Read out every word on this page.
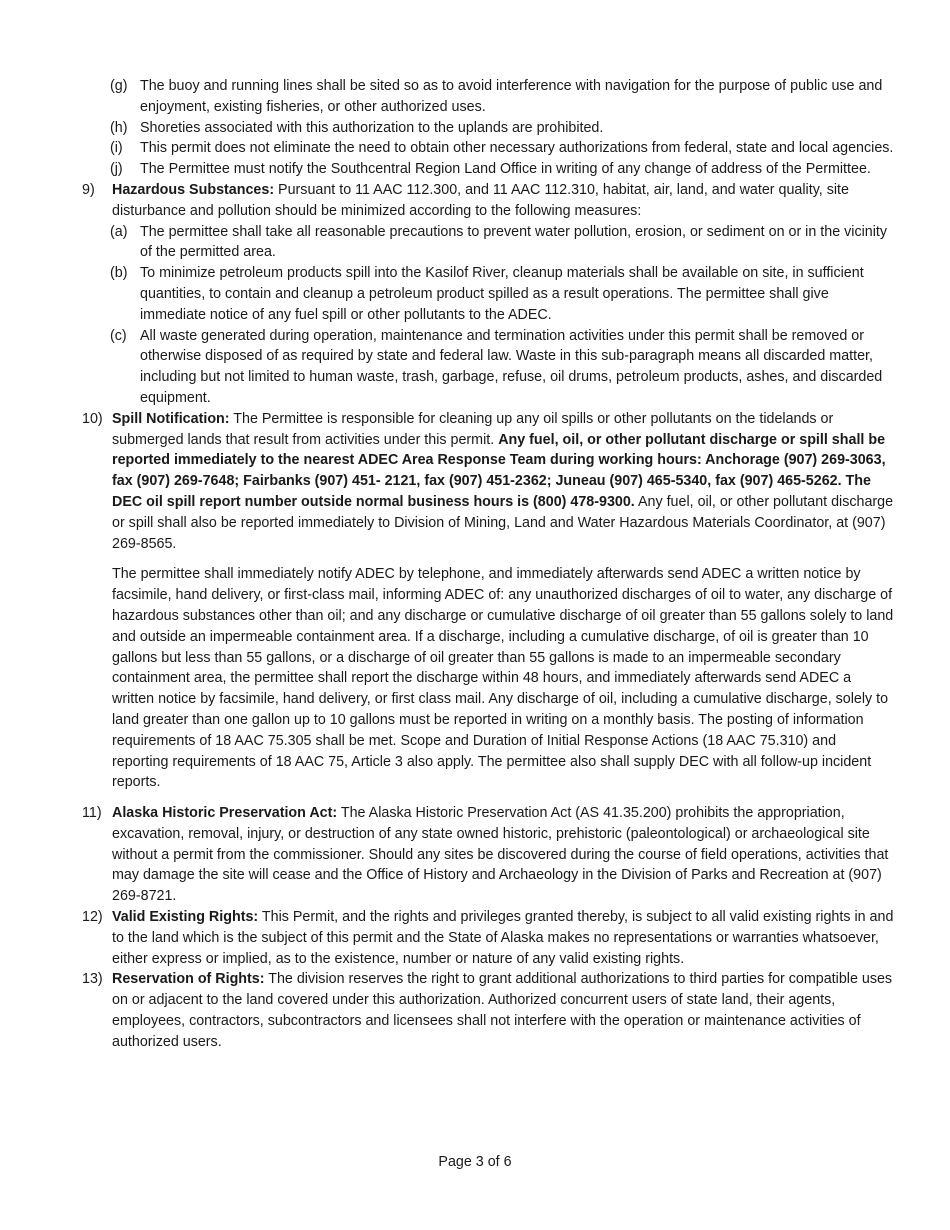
(g) The buoy and running lines shall be sited so as to avoid interference with navigation for the purpose of public use and enjoyment, existing fisheries, or other authorized uses.
(h) Shoreties associated with this authorization to the uplands are prohibited.
(i) This permit does not eliminate the need to obtain other necessary authorizations from federal, state and local agencies.
(j) The Permittee must notify the Southcentral Region Land Office in writing of any change of address of the Permittee.
9) Hazardous Substances: Pursuant to 11 AAC 112.300, and 11 AAC 112.310, habitat, air, land, and water quality, site disturbance and pollution should be minimized according to the following measures:
(a) The permittee shall take all reasonable precautions to prevent water pollution, erosion, or sediment on or in the vicinity of the permitted area.
(b) To minimize petroleum products spill into the Kasilof River, cleanup materials shall be available on site, in sufficient quantities, to contain and cleanup a petroleum product spilled as a result operations. The permittee shall give immediate notice of any fuel spill or other pollutants to the ADEC.
(c) All waste generated during operation, maintenance and termination activities under this permit shall be removed or otherwise disposed of as required by state and federal law. Waste in this sub-paragraph means all discarded matter, including but not limited to human waste, trash, garbage, refuse, oil drums, petroleum products, ashes, and discarded equipment.
10) Spill Notification: The Permittee is responsible for cleaning up any oil spills or other pollutants on the tidelands or submerged lands that result from activities under this permit. Any fuel, oil, or other pollutant discharge or spill shall be reported immediately to the nearest ADEC Area Response Team during working hours: Anchorage (907) 269-3063, fax (907) 269-7648; Fairbanks (907) 451- 2121, fax (907) 451-2362; Juneau (907) 465-5340, fax (907) 465-5262. The DEC oil spill report number outside normal business hours is (800) 478-9300. Any fuel, oil, or other pollutant discharge or spill shall also be reported immediately to Division of Mining, Land and Water Hazardous Materials Coordinator, at (907) 269-8565.
The permittee shall immediately notify ADEC by telephone, and immediately afterwards send ADEC a written notice by facsimile, hand delivery, or first-class mail, informing ADEC of: any unauthorized discharges of oil to water, any discharge of hazardous substances other than oil; and any discharge or cumulative discharge of oil greater than 55 gallons solely to land and outside an impermeable containment area. If a discharge, including a cumulative discharge, of oil is greater than 10 gallons but less than 55 gallons, or a discharge of oil greater than 55 gallons is made to an impermeable secondary containment area, the permittee shall report the discharge within 48 hours, and immediately afterwards send ADEC a written notice by facsimile, hand delivery, or first class mail. Any discharge of oil, including a cumulative discharge, solely to land greater than one gallon up to 10 gallons must be reported in writing on a monthly basis. The posting of information requirements of 18 AAC 75.305 shall be met. Scope and Duration of Initial Response Actions (18 AAC 75.310) and reporting requirements of 18 AAC 75, Article 3 also apply. The permittee also shall supply DEC with all follow-up incident reports.
11) Alaska Historic Preservation Act: The Alaska Historic Preservation Act (AS 41.35.200) prohibits the appropriation, excavation, removal, injury, or destruction of any state owned historic, prehistoric (paleontological) or archaeological site without a permit from the commissioner. Should any sites be discovered during the course of field operations, activities that may damage the site will cease and the Office of History and Archaeology in the Division of Parks and Recreation at (907) 269-8721.
12) Valid Existing Rights: This Permit, and the rights and privileges granted thereby, is subject to all valid existing rights in and to the land which is the subject of this permit and the State of Alaska makes no representations or warranties whatsoever, either express or implied, as to the existence, number or nature of any valid existing rights.
13) Reservation of Rights: The division reserves the right to grant additional authorizations to third parties for compatible uses on or adjacent to the land covered under this authorization. Authorized concurrent users of state land, their agents, employees, contractors, subcontractors and licensees shall not interfere with the operation or maintenance activities of authorized users.
Page 3 of 6
